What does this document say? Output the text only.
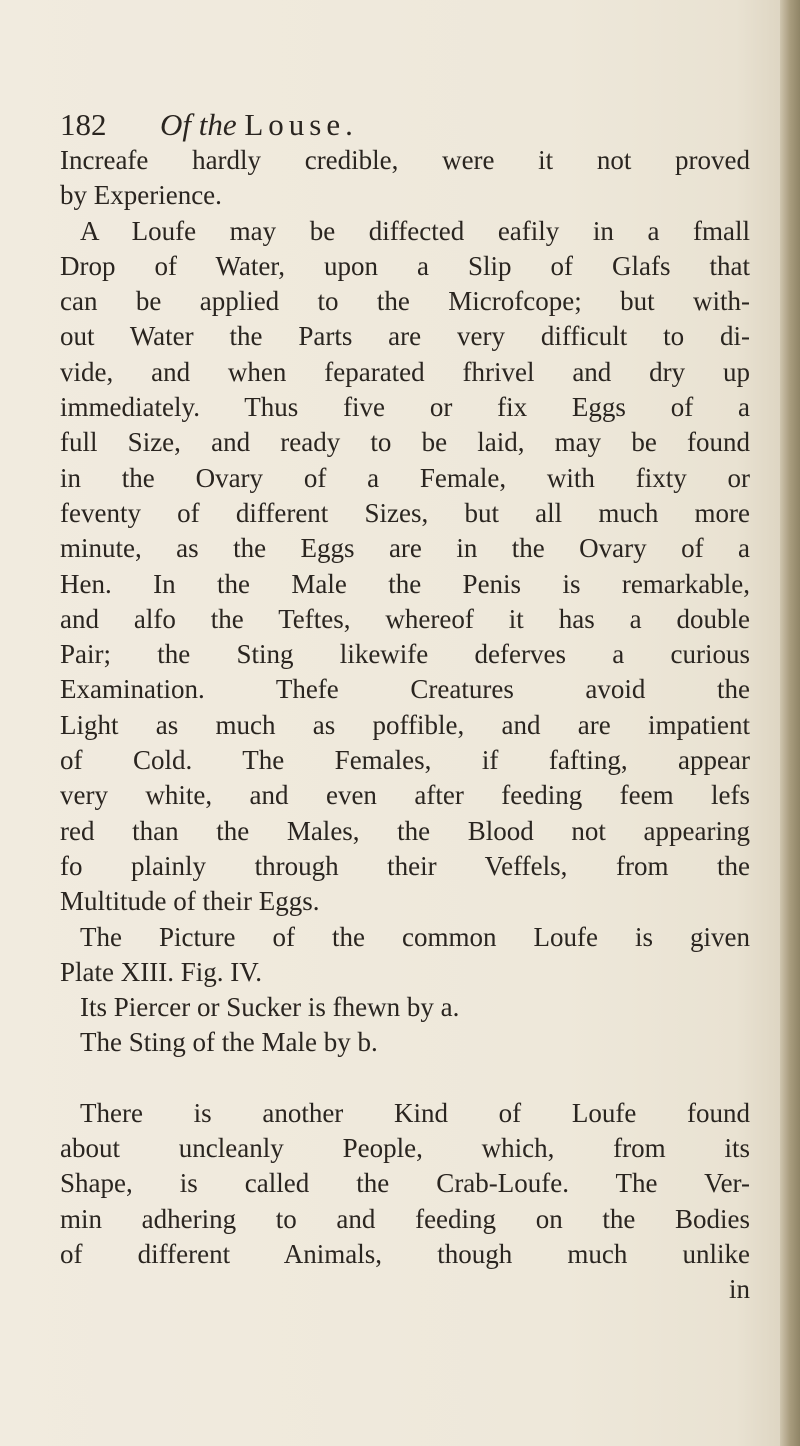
182 Of the Louse.
Increafe hardly credible, were it not proved
by Experience.
A Loufe may be diffected eafily in a fmall
Drop of Water, upon a Slip of Glafs that
can be applied to the Microfcope; but with-
out Water the Parts are very difficult to di-
vide, and when feparated fhrivel and dry up
immediately. Thus five or fix Eggs of a
full Size, and ready to be laid, may be found
in the Ovary of a Female, with fixty or
feventy of different Sizes, but all much more
minute, as the Eggs are in the Ovary of a
Hen. In the Male the Penis is remarkable,
and alfo the Teftes, whereof it has a double
Pair; the Sting likewife deferves a curious
Examination. Thefe Creatures avoid the
Light as much as poffible, and are impatient
of Cold. The Females, if fafting, appear
very white, and even after feeding feem lefs
red than the Males, the Blood not appearing
fo plainly through their Veffels, from the
Multitude of their Eggs.
The Picture of the common Loufe is given
Plate XIII. Fig. IV.
Its Piercer or Sucker is fhewn by a.
The Sting of the Male by b.
There is another Kind of Loufe found
about uncleanly People, which, from its
Shape, is called the Crab-Loufe. The Ver-
min adhering to and feeding on the Bodies
of different Animals, though much unlike
in
